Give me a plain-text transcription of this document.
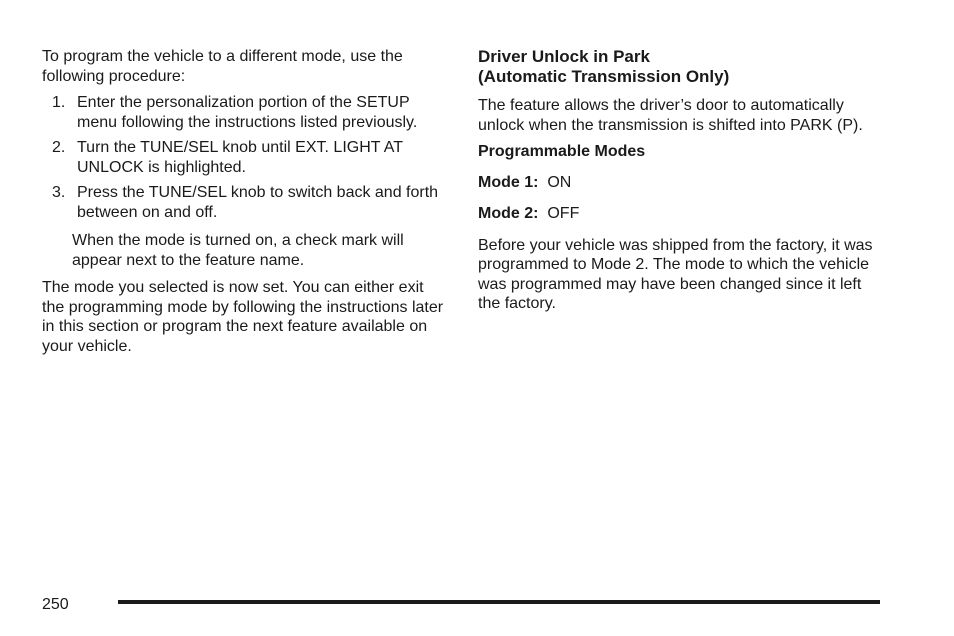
To program the vehicle to a different mode, use the following procedure:

1. Enter the personalization portion of the SETUP menu following the instructions listed previously.
2. Turn the TUNE/SEL knob until EXT. LIGHT AT UNLOCK is highlighted.
3. Press the TUNE/SEL knob to switch back and forth between on and off.

When the mode is turned on, a check mark will appear next to the feature name.

The mode you selected is now set. You can either exit the programming mode by following the instructions later in this section or program the next feature available on your vehicle.

Driver Unlock in Park
(Automatic Transmission Only)

The feature allows the driver’s door to automatically unlock when the transmission is shifted into PARK (P).

Programmable Modes

Mode 1: ON

Mode 2: OFF

Before your vehicle was shipped from the factory, it was programmed to Mode 2. The mode to which the vehicle was programmed may have been changed since it left the factory.

250
